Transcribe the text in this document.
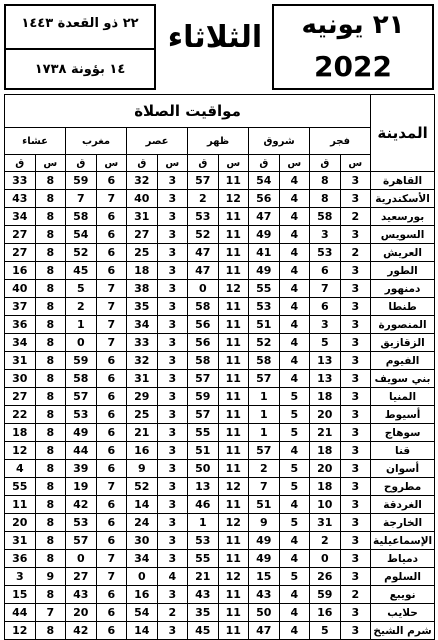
٢١ يونيه
2022
الثلاثاء
٢٢ ذو القعدة ١٤٤٣
١٤ بؤونة ١٧٣٨
المدينة	مواقيت الصلاة											
	فجر		شروق		ظهر		عصر		مغرب		عشاء	
	س	ق	س	ق	س	ق	س	ق	س	ق	س	ق
القاهرة	3	8	4	54	11	57	3	32	6	59	8	33
الأسكندرية	3	8	4	56	12	2	3	40	7	7	8	43
بورسعيد	2	58	4	47	11	53	3	31	6	58	8	34
السويس	3	3	4	49	11	52	3	27	6	54	8	27
العريش	2	53	4	41	11	47	3	25	6	52	8	27
الطور	3	6	4	49	11	47	3	18	6	45	8	16
دمنهور	3	7	4	55	12	0	3	38	7	5	8	40
طنطا	3	6	4	53	11	58	3	35	7	2	8	37
المنصورة	3	3	4	51	11	56	3	34	7	1	8	36
الزقازيق	3	5	4	52	11	56	3	33	7	0	8	34
الفيوم	3	13	4	58	11	58	3	32	6	59	8	31
بني سويف	3	13	4	57	11	57	3	31	6	58	8	30
المنيا	3	18	5	1	11	59	3	29	6	57	8	27
أسيوط	3	20	5	1	11	57	3	25	6	53	8	22
سوهاج	3	21	5	1	11	55	3	21	6	49	8	18
قنا	3	18	4	57	11	51	3	16	6	44	8	12
أسوان	3	20	5	2	11	50	3	9	6	39	8	4
مطروح	3	18	5	7	12	13	3	52	7	19	8	55
الغردقة	3	10	4	51	11	46	3	14	6	42	8	11
الخارجة	3	31	5	9	12	1	3	24	6	53	8	20
الإسماعيلية	3	2	4	49	11	53	3	30	6	57	8	31
دمياط	3	0	4	49	11	55	3	34	7	0	8	36
السلوم	3	26	5	15	12	21	4	0	7	27	9	3
نويبع	2	59	4	43	11	43	3	16	6	43	8	15
حلايب	3	16	4	50	11	35	2	54	6	20	7	44
شرم الشيخ	3	5	4	47	11	45	3	14	6	42	8	12
